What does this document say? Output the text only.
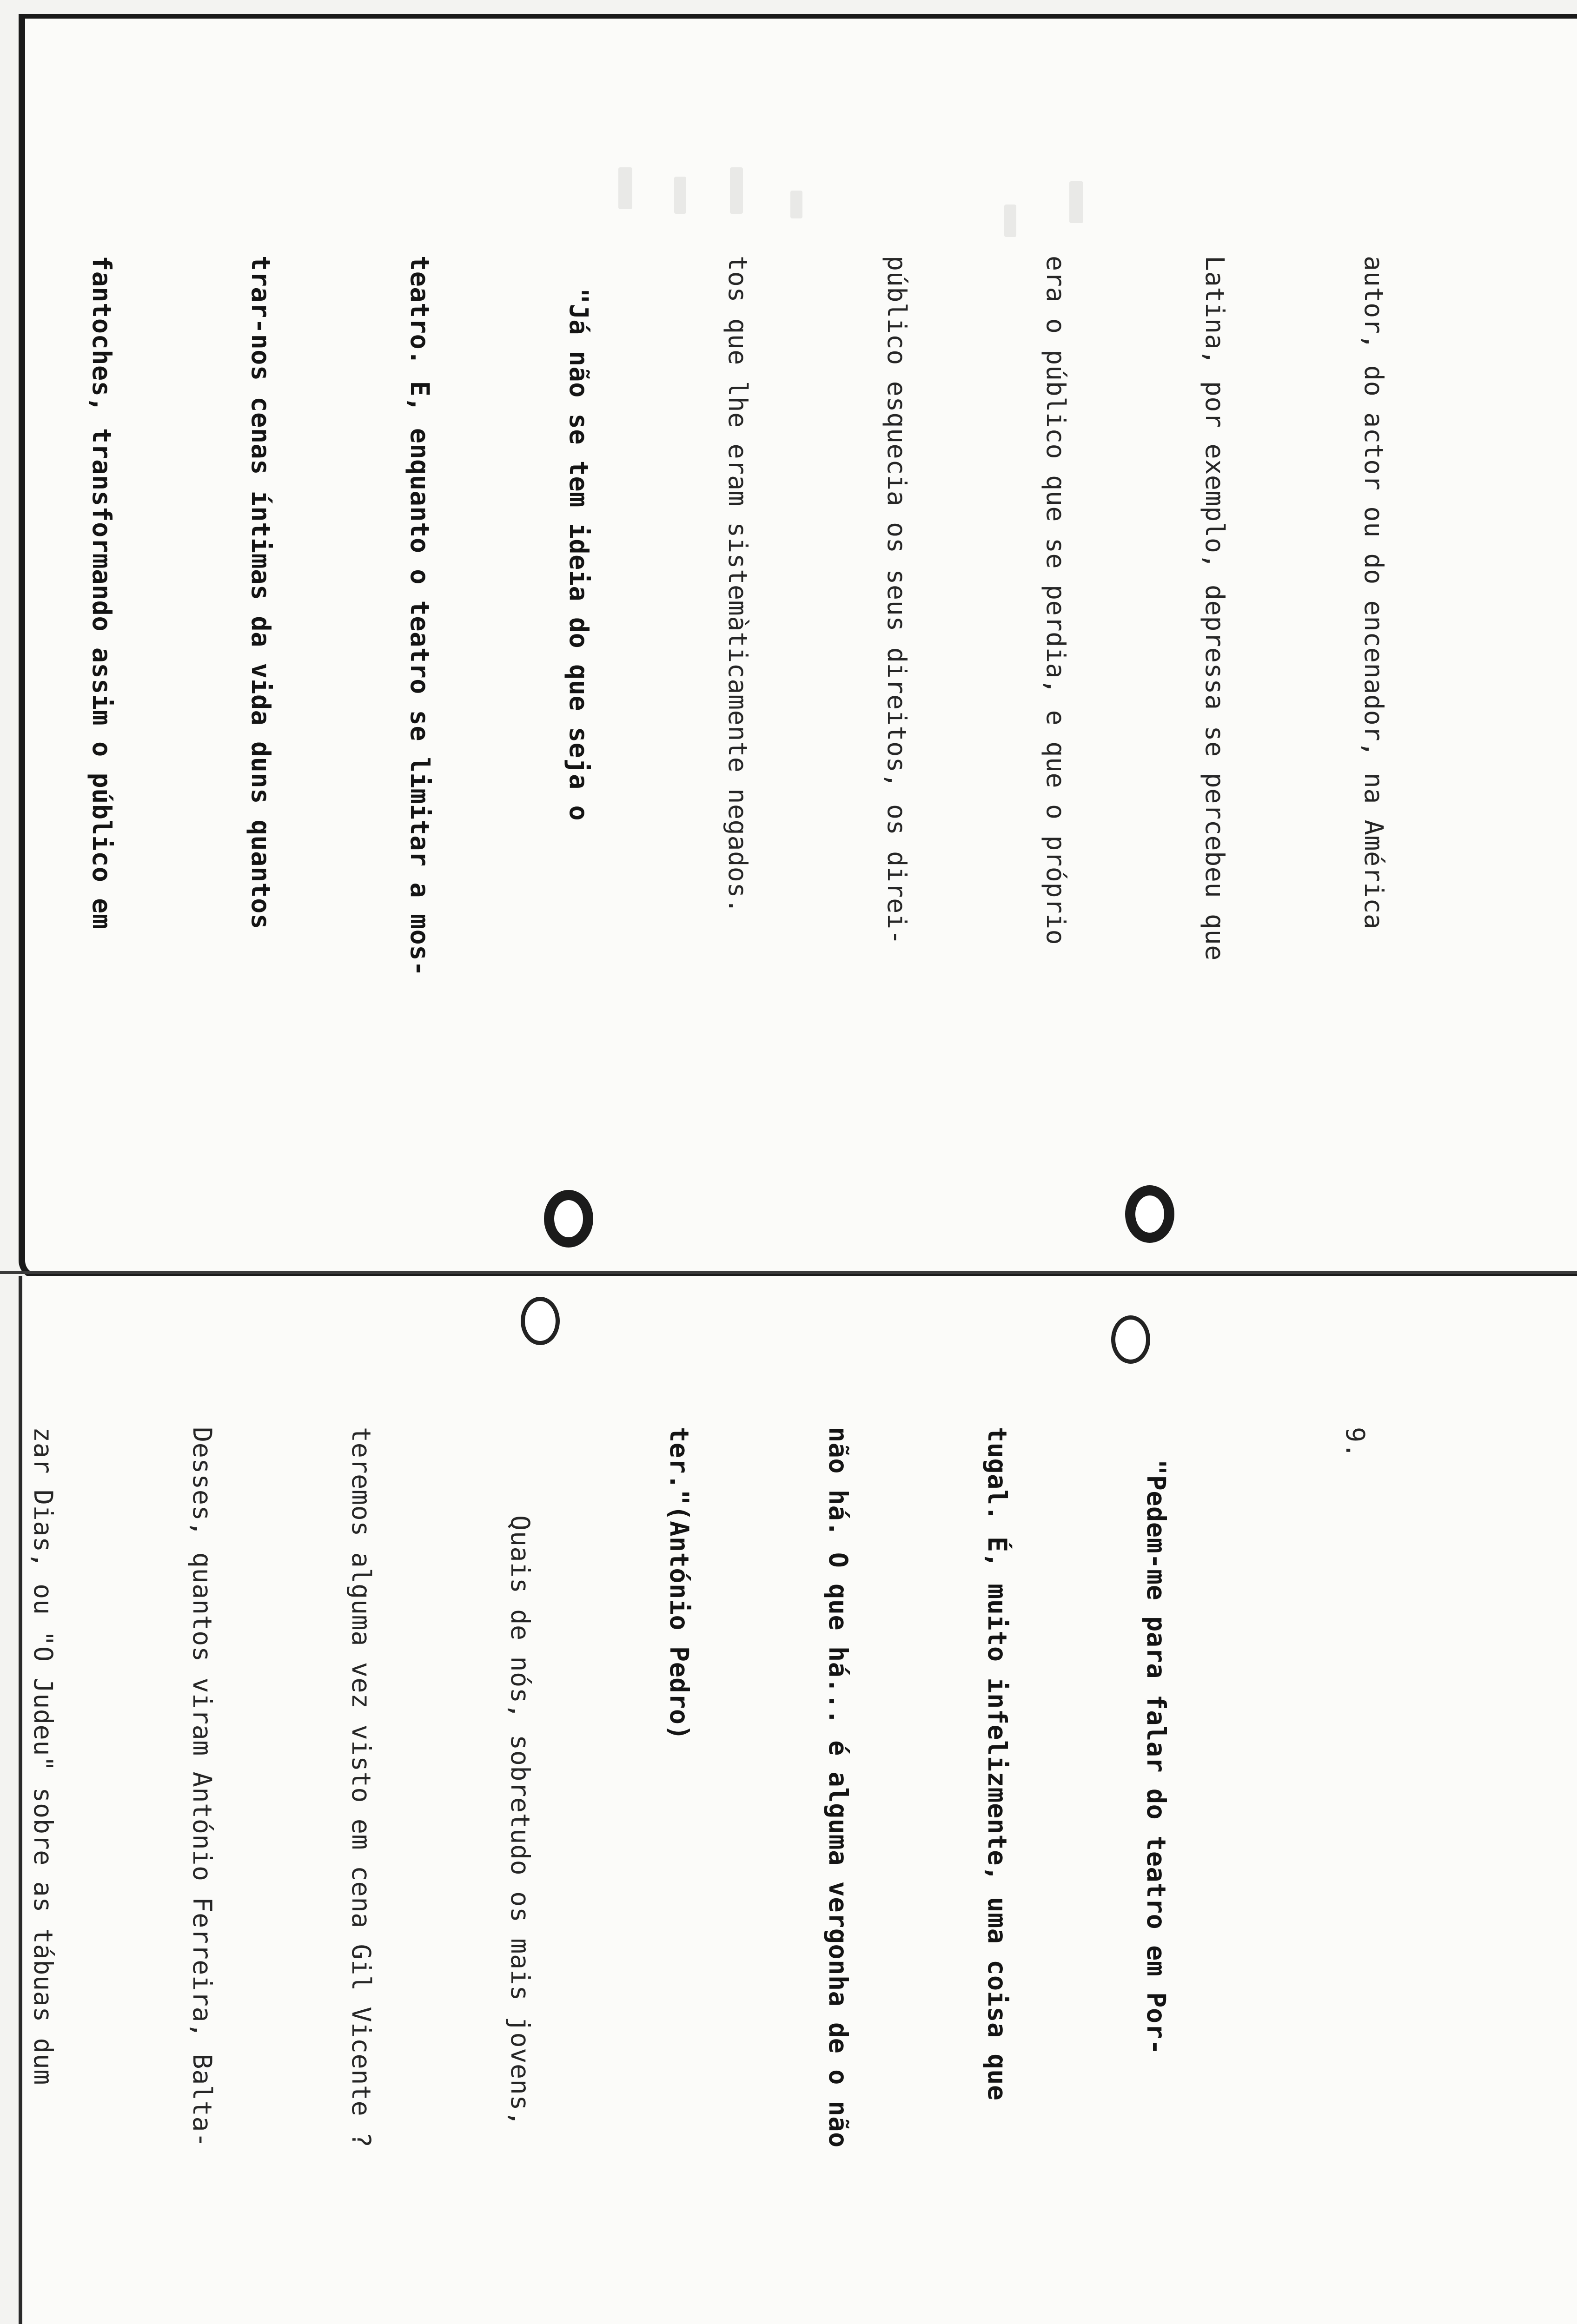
autor, do actor ou do encenador, na América

Latina, por exemplo, depressa se percebeu que

era o público que se perdia, e que o próprio

público esquecia os seus direitos, os direi-

tos que lhe eram sistemàticamente negados.

"Já não se tem ideia do que seja o

teatro. E, enquanto o teatro se limitar a mos-

trar-nos cenas íntimas da vida duns quantos

fantoches, transformando assim o público em

9.

"Pedem-me para falar do teatro em Por-

tugal. É, muito infelizmente, uma coisa que

não há. O que há... é alguma vergonha de o não

ter."(António Pedro)

Quais de nós, sobretudo os mais jovens,

teremos alguma vez visto em cena Gil Vicente ?

Desses, quantos viram António Ferreira, Balta-

zar Dias, ou "O Judeu" sobre as tábuas dum
